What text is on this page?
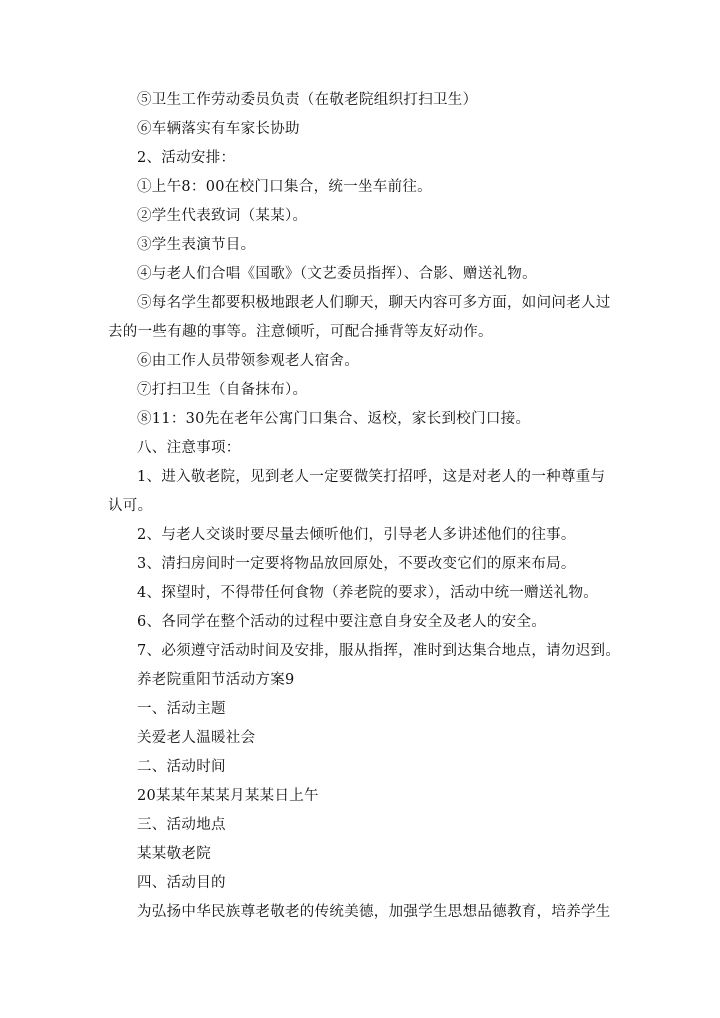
⑤卫生工作劳动委员负责（在敬老院组织打扫卫生）
⑥车辆落实有车家长协助
2、活动安排：
①上午8：00在校门口集合，统一坐车前往。
②学生代表致词（某某）。
③学生表演节目。
④与老人们合唱《国歌》（文艺委员指挥）、合影、赠送礼物。
⑤每名学生都要积极地跟老人们聊天，聊天内容可多方面，如问问老人过去的一些有趣的事等。注意倾听，可配合捶背等友好动作。
⑥由工作人员带领参观老人宿舍。
⑦打扫卫生（自备抹布）。
⑧11：30先在老年公寓门口集合、返校，家长到校门口接。
八、注意事项：
1、进入敬老院，见到老人一定要微笑打招呼，这是对老人的一种尊重与认可。
2、与老人交谈时要尽量去倾听他们，引导老人多讲述他们的往事。
3、清扫房间时一定要将物品放回原处，不要改变它们的原来布局。
4、探望时，不得带任何食物（养老院的要求），活动中统一赠送礼物。
6、各同学在整个活动的过程中要注意自身安全及老人的安全。
7、必须遵守活动时间及安排，服从指挥，准时到达集合地点，请勿迟到。
养老院重阳节活动方案9
一、活动主题
关爱老人温暖社会
二、活动时间
20某某年某某月某某日上午
三、活动地点
某某敬老院
四、活动目的
为弘扬中华民族尊老敬老的传统美德，加强学生思想品德教育，培养学生
